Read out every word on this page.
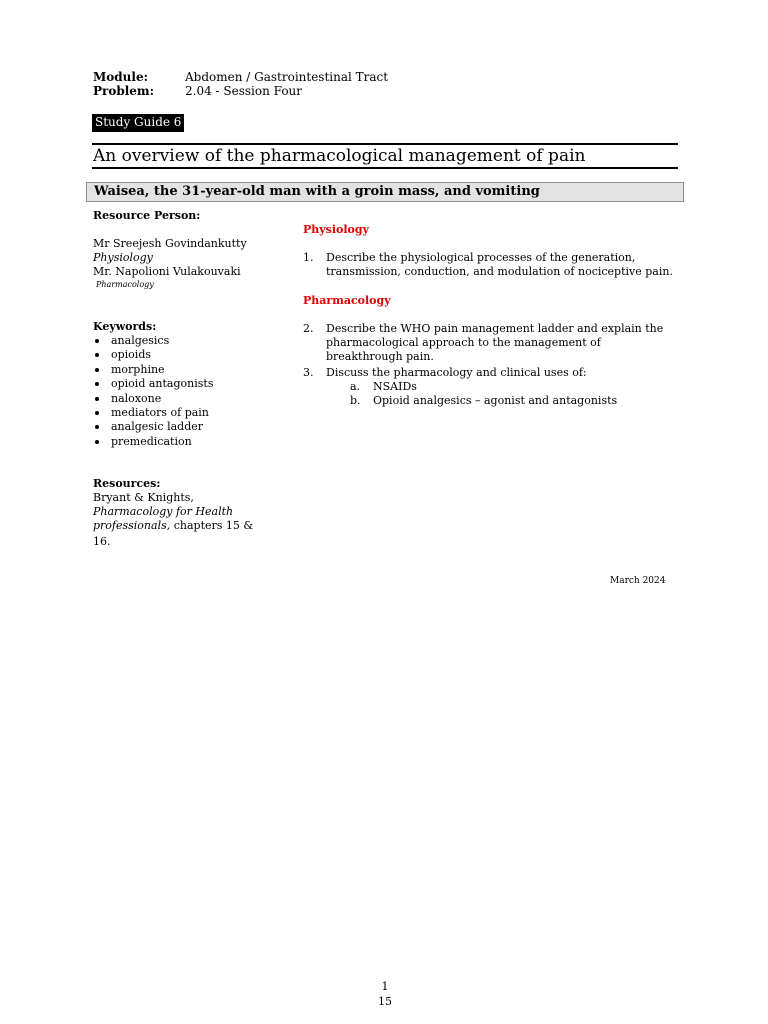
Module:	Abdomen / Gastrointestinal Tract
Problem:	2.04 - Session Four
Study Guide 6
An overview of the pharmacological management of pain
Waisea, the 31-year-old man with a groin mass, and vomiting
Resource Person:
Mr Sreejesh Govindankutty
Physiology
Mr. Napolioni Vulakouvaki
Pharmacology
Keywords:
analgesics
opioids
morphine
opioid antagonists
naloxone
mediators of pain
analgesic ladder
premedication
Resources:
Bryant & Knights,
Pharmacology for Health
professionals, chapters 15 &
16.
Physiology
1. Describe the physiological processes of the generation,
transmission, conduction, and modulation of nociceptive pain.
Pharmacology
2. Describe the WHO pain management ladder and explain the
pharmacological approach to the management of
breakthrough pain.
3. Discuss the pharmacology and clinical uses of:
a. NSAIDs
b. Opioid analgesics – agonist and antagonists
March 2024
1
15
